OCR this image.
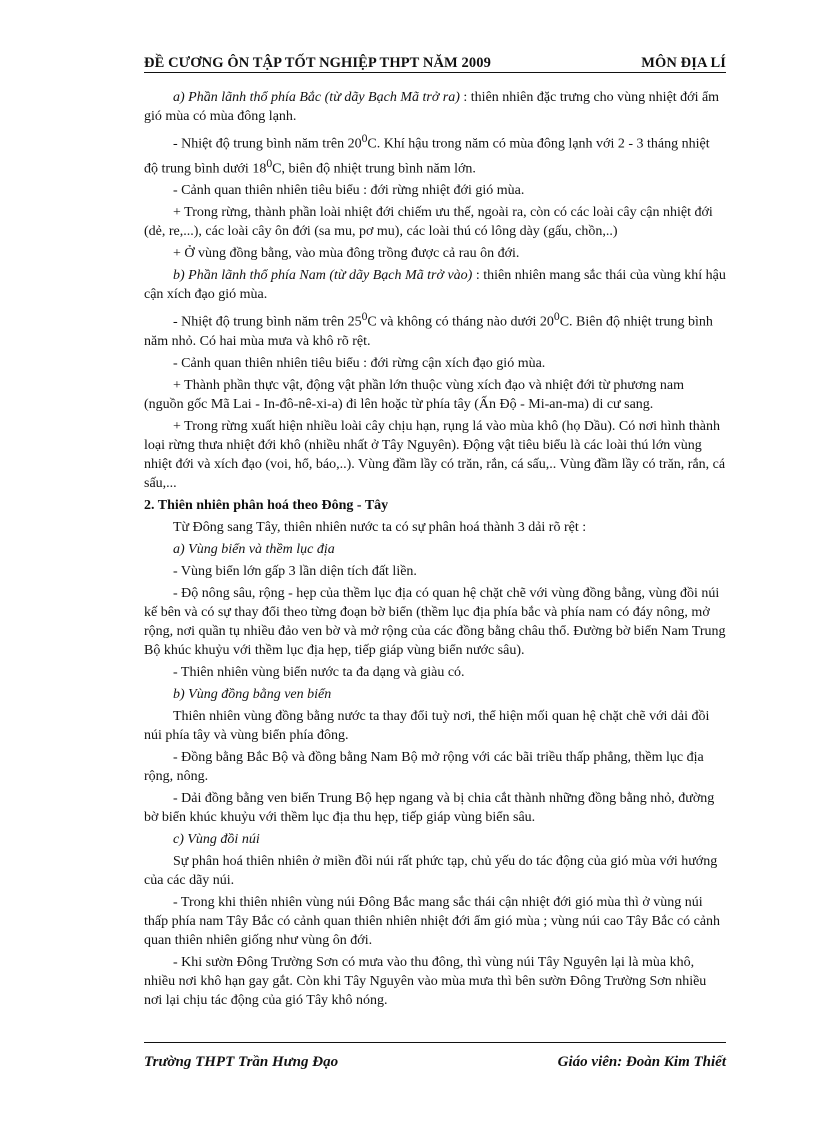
ĐỀ CƯƠNG ÔN TẬP TỐT NGHIỆP THPT NĂM 2009	MÔN ĐỊA LÍ

a) Phần lãnh thổ phía Bắc (từ dãy Bạch Mã trở ra) : thiên nhiên đặc trưng cho vùng nhiệt đới ẩm gió mùa có mùa đông lạnh.

- Nhiệt độ trung bình năm trên $20^0C$. Khí hậu trong năm có mùa đông lạnh với 2 - 3 tháng nhiệt độ trung bình dưới $18^0C$, biên độ nhiệt trung bình năm lớn.

- Cảnh quan thiên nhiên tiêu biểu : đới rừng nhiệt đới gió mùa.

+ Trong rừng, thành phần loài nhiệt đới chiếm ưu thế, ngoài ra, còn có các loài cây cận nhiệt đới (dẻ, re,...), các loài cây ôn đới (sa mu, pơ mu), các loài thú có lông dày (gấu, chồn,..)

+ Ở vùng đồng bằng, vào mùa đông trồng được cả rau ôn đới.

b) Phần lãnh thổ phía Nam (từ dãy Bạch Mã trở vào) : thiên nhiên mang sắc thái của vùng khí hậu cận xích đạo gió mùa.

- Nhiệt độ trung bình năm trên $25^0C$ và không có tháng nào dưới $20^0C$. Biên độ nhiệt trung bình năm nhỏ. Có hai mùa mưa và khô rõ rệt.

- Cảnh quan thiên nhiên tiêu biểu : đới rừng cận xích đạo gió mùa.

+ Thành phần thực vật, động vật phần lớn thuộc vùng xích đạo và nhiệt đới từ phương nam (nguồn gốc Mã Lai - In-đô-nê-xi-a) đi lên hoặc từ phía tây (Ấn Độ - Mi-an-ma) di cư sang.

+ Trong rừng xuất hiện nhiều loài cây chịu hạn, rụng lá vào mùa khô (họ Dầu). Có nơi hình thành loại rừng thưa nhiệt đới khô (nhiều nhất ở Tây Nguyên). Động vật tiêu biểu là các loài thú lớn vùng nhiệt đới và xích đạo (voi, hổ, báo,..). Vùng đầm lầy có trăn, rắn, cá sấu,.. Vùng đầm lầy có trăn, rắn, cá sấu,...

2. Thiên nhiên phân hoá theo Đông - Tây

Từ Đông sang Tây, thiên nhiên nước ta có sự phân hoá thành 3 dải rõ rệt :

a) Vùng biển và thềm lục địa

- Vùng biển lớn gấp 3 lần diện tích đất liền.

- Độ nông sâu, rộng - hẹp của thềm lục địa có quan hệ chặt chẽ với vùng đồng bằng, vùng đồi núi kế bên và có sự thay đổi theo từng đoạn bờ biển (thềm lục địa phía bắc và phía nam có đáy nông, mở rộng, nơi quần tụ nhiều đảo ven bờ và mở rộng của các đồng bằng châu thổ. Đường bờ biển Nam Trung Bộ khúc khuỷu với thềm lục địa hẹp, tiếp giáp vùng biển nước sâu).

- Thiên nhiên vùng biển nước ta đa dạng và giàu có.

b) Vùng đồng bằng ven biển

Thiên nhiên vùng đồng bằng nước ta thay đổi tuỳ nơi, thể hiện mối quan hệ chặt chẽ với dải đồi núi phía tây và vùng biển phía đông.

- Đồng bằng Bắc Bộ và đồng bằng Nam Bộ mở rộng với các bãi triều thấp phẳng, thềm lục địa rộng, nông.

- Dải đồng bằng ven biển Trung Bộ hẹp ngang và bị chia cắt thành những đồng bằng nhỏ, đường bờ biển khúc khuỷu với thềm lục địa thu hẹp, tiếp giáp vùng biển sâu.

c) Vùng đồi núi

Sự phân hoá thiên nhiên ở miền đồi núi rất phức tạp, chủ yếu do tác động của gió mùa với hướng của các dãy núi.

- Trong khi thiên nhiên vùng núi Đông Bắc mang sắc thái cận nhiệt đới gió mùa thì ở vùng núi thấp phía nam Tây Bắc có cảnh quan thiên nhiên nhiệt đới ẩm gió mùa ; vùng núi cao Tây Bắc có cảnh quan thiên nhiên giống như vùng ôn đới.

- Khi sườn Đông Trường Sơn có mưa vào thu đông, thì vùng núi Tây Nguyên lại là mùa khô, nhiều nơi khô hạn gay gắt. Còn khi Tây Nguyên vào mùa mưa thì bên sườn Đông Trường Sơn nhiều nơi lại chịu tác động của gió Tây khô nóng.

Trường THPT Trần Hưng Đạo	Giáo viên: Đoàn Kim Thiết
